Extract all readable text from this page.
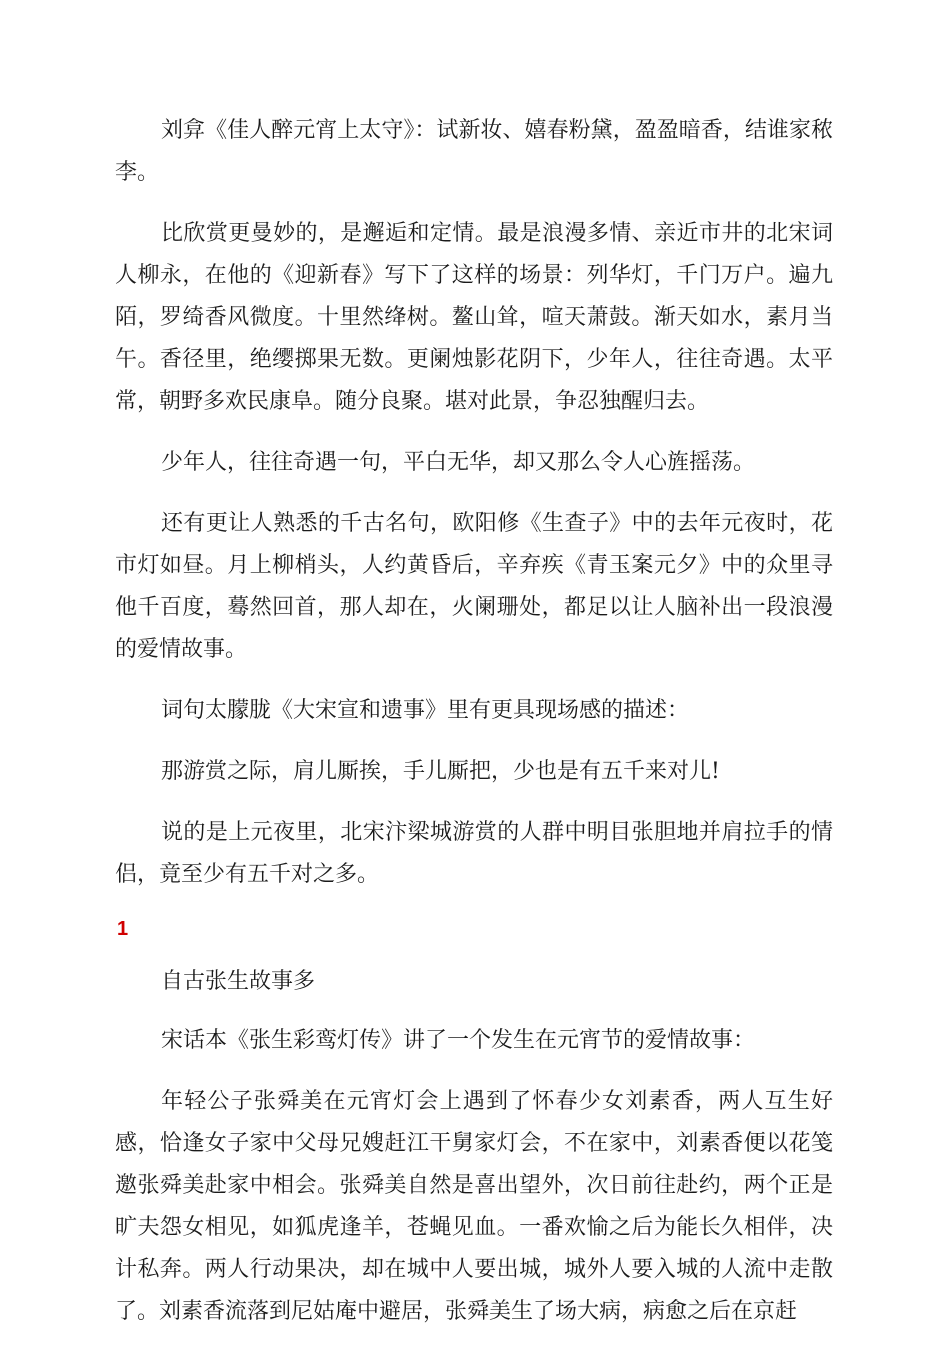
刘弇《佳人醉元宵上太守》：试新妆、嬉春粉黛，盈盈暗香，结谁家秾李。

比欣赏更曼妙的，是邂逅和定情。最是浪漫多情、亲近市井的北宋词人柳永，在他的《迎新春》写下了这样的场景：列华灯，千门万户。遍九陌，罗绮香风微度。十里然绛树。鳌山耸，喧天萧鼓。渐天如水，素月当午。香径里，绝缨掷果无数。更阑烛影花阴下，少年人，往往奇遇。太平常，朝野多欢民康阜。随分良聚。堪对此景，争忍独醒归去。

少年人，往往奇遇一句，平白无华，却又那么令人心旌摇荡。

还有更让人熟悉的千古名句，欧阳修《生查子》中的去年元夜时，花市灯如昼。月上柳梢头，人约黄昏后，辛弃疾《青玉案元夕》中的众里寻他千百度，蓦然回首，那人却在，火阑珊处，都足以让人脑补出一段浪漫的爱情故事。

词句太朦胧《大宋宣和遗事》里有更具现场感的描述：

那游赏之际，肩儿厮挨，手儿厮把，少也是有五千来对儿!

说的是上元夜里，北宋汴梁城游赏的人群中明目张胆地并肩拉手的情侣，竟至少有五千对之多。

1

自古张生故事多

宋话本《张生彩鸾灯传》讲了一个发生在元宵节的爱情故事：

年轻公子张舜美在元宵灯会上遇到了怀春少女刘素香，两人互生好感，恰逢女子家中父母兄嫂赶江干舅家灯会，不在家中，刘素香便以花笺邀张舜美赴家中相会。张舜美自然是喜出望外，次日前往赴约，两个正是旷夫怨女相见，如狐虎逢羊，苍蝇见血。一番欢愉之后为能长久相伴，决计私奔。两人行动果决，却在城中人要出城，城外人要入城的人流中走散了。刘素香流落到尼姑庵中避居，张舜美生了场大病，病愈之后在京赶
